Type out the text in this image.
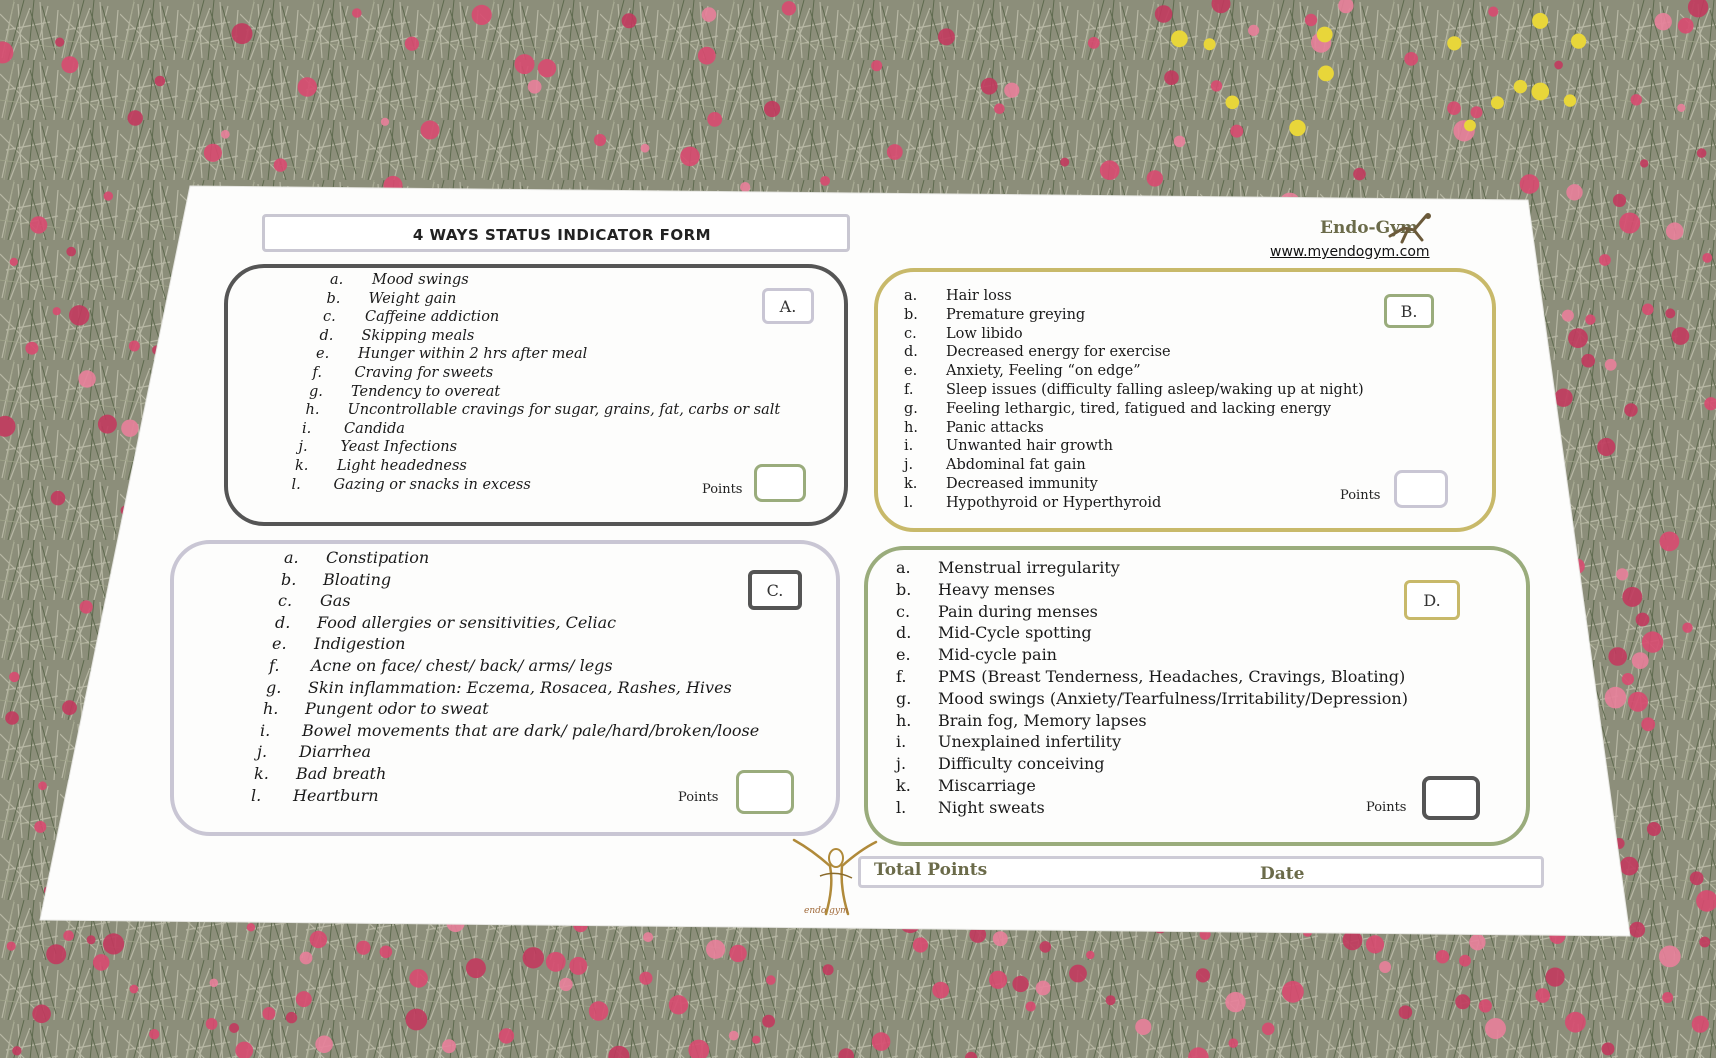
4 WAYS STATUS INDICATOR FORM	Endo-Gym
www.myendogym.com
A.
a. Mood swings
b. Weight gain
c. Caffeine addiction
d. Skipping meals
e. Hunger within 2 hrs after meal
f. Craving for sweets
g. Tendency to overeat
h. Uncontrollable cravings for sugar, grains, fat, carbs or salt
i. Candida
j. Yeast Infections
k. Light headedness
l. Gazing or snacks in excess	Points
B.
a. Hair loss
b. Premature greying
c. Low libido
d. Decreased energy for exercise
e. Anxiety, Feeling “on edge”
f. Sleep issues (difficulty falling asleep/waking up at night)
g. Feeling lethargic, tired, fatigued and lacking energy
h. Panic attacks
i. Unwanted hair growth
j. Abdominal fat gain
k. Decreased immunity
l. Hypothyroid or Hyperthyroid	Points
C.
a. Constipation
b. Bloating
c. Gas
d. Food allergies or sensitivities, Celiac
e. Indigestion
f. Acne on face/ chest/ back/ arms/ legs
g. Skin inflammation: Eczema, Rosacea, Rashes, Hives
h. Pungent odor to sweat
i. Bowel movements that are dark/ pale/hard/broken/loose
j. Diarrhea
k. Bad breath
l. Heartburn	Points
D.
a. Menstrual irregularity
b. Heavy menses
c. Pain during menses
d. Mid-Cycle spotting
e. Mid-cycle pain
f. PMS (Breast Tenderness, Headaches, Cravings, Bloating)
g. Mood swings (Anxiety/Tearfulness/Irritability/Depression)
h. Brain fog, Memory lapses
i. Unexplained infertility
j. Difficulty conceiving
k. Miscarriage
l. Night sweats	Points
Total Points	Date
endo gym
